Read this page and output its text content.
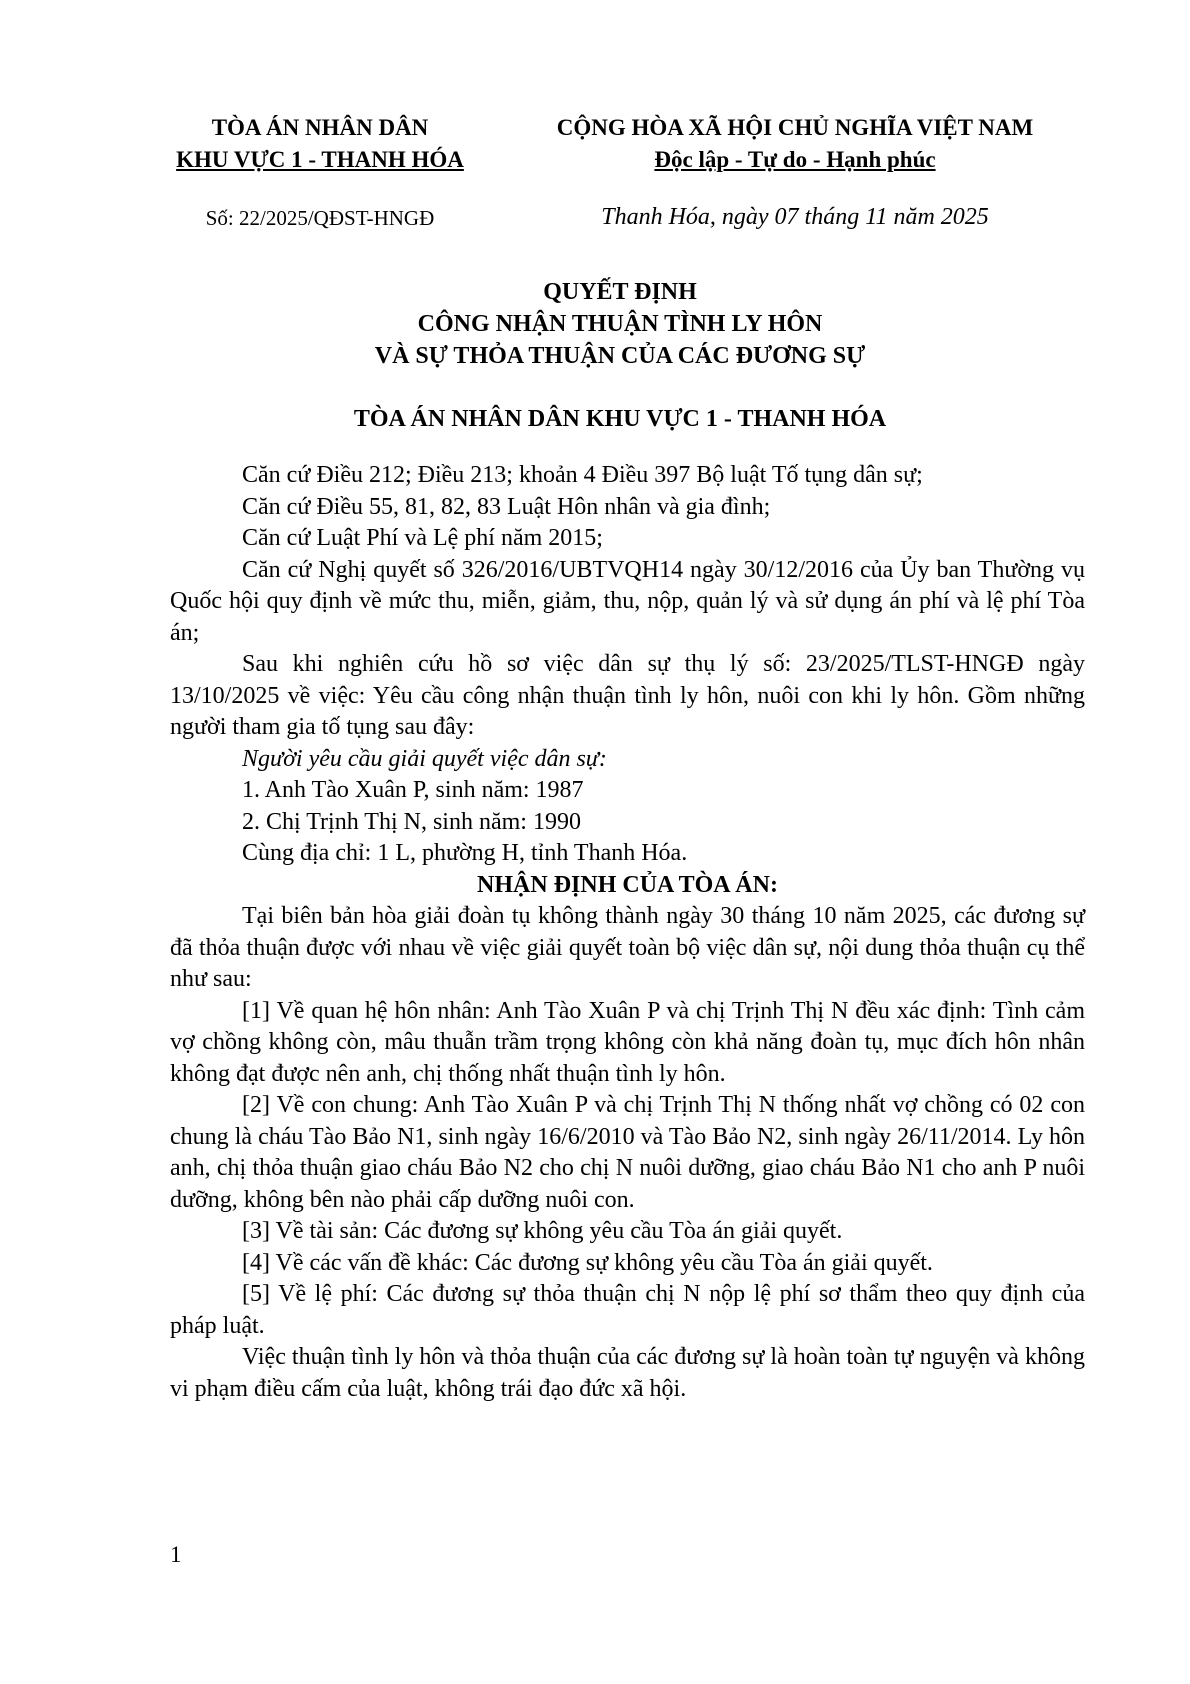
TÒA ÁN NHÂN DÂN
KHU VỰC 1 - THANH HÓA
CỘNG HÒA XÃ HỘI CHỦ NGHĨA VIỆT NAM
Độc lập - Tự do - Hạnh phúc
Số: 22/2025/QĐST-HNGĐ	Thanh Hóa, ngày 07 tháng 11 năm 2025
QUYẾT ĐỊNH
CÔNG NHẬN THUẬN TÌNH LY HÔN
VÀ SỰ THỎA THUẬN CỦA CÁC ĐƯƠNG SỰ
TÒA ÁN NHÂN DÂN KHU VỰC 1 - THANH HÓA

Căn cứ Điều 212; Điều 213; khoản 4 Điều 397 Bộ luật Tố tụng dân sự;

Căn cứ Điều 55, 81, 82, 83 Luật Hôn nhân và gia đình;

Căn cứ Luật Phí và Lệ phí năm 2015;

Căn cứ Nghị quyết số 326/2016/UBTVQH14 ngày 30/12/2016 của Ủy ban Thường vụ Quốc hội quy định về mức thu, miễn, giảm, thu, nộp, quản lý và sử dụng án phí và lệ phí Tòa án;

Sau khi nghiên cứu hồ sơ việc dân sự thụ lý số: 23/2025/TLST-HNGĐ ngày 13/10/2025 về việc: Yêu cầu công nhận thuận tình ly hôn, nuôi con khi ly hôn. Gồm những người tham gia tố tụng sau đây:

Người yêu cầu giải quyết việc dân sự:

1. Anh Tào Xuân P, sinh năm: 1987

2. Chị Trịnh Thị N, sinh năm: 1990

Cùng địa chỉ: 1 L, phường H, tỉnh Thanh Hóa.

NHẬN ĐỊNH CỦA TÒA ÁN:

Tại biên bản hòa giải đoàn tụ không thành ngày 30 tháng 10 năm 2025, các đương sự đã thỏa thuận được với nhau về việc giải quyết toàn bộ việc dân sự, nội dung thỏa thuận cụ thể như sau:

[1] Về quan hệ hôn nhân: Anh Tào Xuân P và chị Trịnh Thị N đều xác định: Tình cảm vợ chồng không còn, mâu thuẫn trầm trọng không còn khả năng đoàn tụ, mục đích hôn nhân không đạt được nên anh, chị thống nhất thuận tình ly hôn.

[2] Về con chung: Anh Tào Xuân P và chị Trịnh Thị N thống nhất vợ chồng có 02 con chung là cháu Tào Bảo N1, sinh ngày 16/6/2010 và Tào Bảo N2, sinh ngày 26/11/2014. Ly hôn anh, chị thỏa thuận giao cháu Bảo N2 cho chị N nuôi dưỡng, giao cháu Bảo N1 cho anh P nuôi dưỡng, không bên nào phải cấp dưỡng nuôi con.

[3] Về tài sản: Các đương sự không yêu cầu Tòa án giải quyết.

[4] Về các vấn đề khác: Các đương sự không yêu cầu Tòa án giải quyết.

[5] Về lệ phí: Các đương sự thỏa thuận chị N nộp lệ phí sơ thẩm theo quy định của pháp luật.

Việc thuận tình ly hôn và thỏa thuận của các đương sự là hoàn toàn tự nguyện và không vi phạm điều cấm của luật, không trái đạo đức xã hội.

1
